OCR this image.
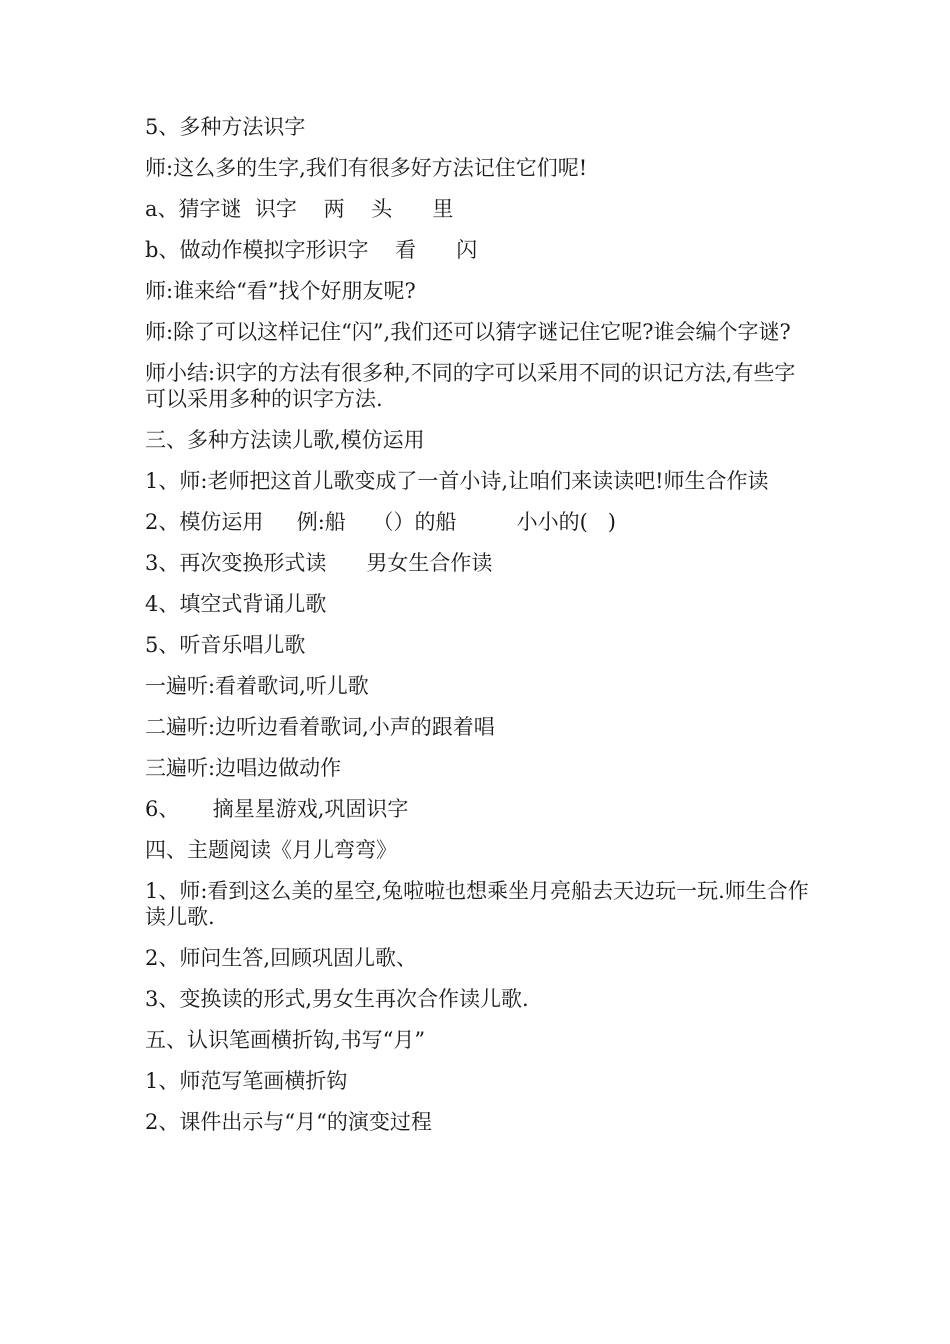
5、多种方法识字
师:这么多的生字,我们有很多好方法记住它们呢!
a、猜字谜  识字    两    头      里
b、做动作模拟字形识字    看      闪
师:谁来给“看”找个好朋友呢?
师:除了可以这样记住“闪”,我们还可以猜字谜记住它呢?谁会编个字谜?
师小结:识字的方法有很多种,不同的字可以采用不同的识记方法,有些字可以采用多种的识字方法.
三、多种方法读儿歌,模仿运用
1、师:老师把这首儿歌变成了一首小诗,让咱们来读读吧!师生合作读
2、模仿运用     例:船    （）的船         小小的(   )
3、再次变换形式读      男女生合作读
4、填空式背诵儿歌
5、听音乐唱儿歌
一遍听:看着歌词,听儿歌
二遍听:边听边看着歌词,小声的跟着唱
三遍听:边唱边做动作
6、     摘星星游戏,巩固识字
四、主题阅读《月儿弯弯》
1、师:看到这么美的星空,兔啦啦也想乘坐月亮船去天边玩一玩.师生合作读儿歌.
2、师问生答,回顾巩固儿歌、
3、变换读的形式,男女生再次合作读儿歌.
五、认识笔画横折钩,书写“月”
1、师范写笔画横折钩
2、课件出示与“月“的演变过程
